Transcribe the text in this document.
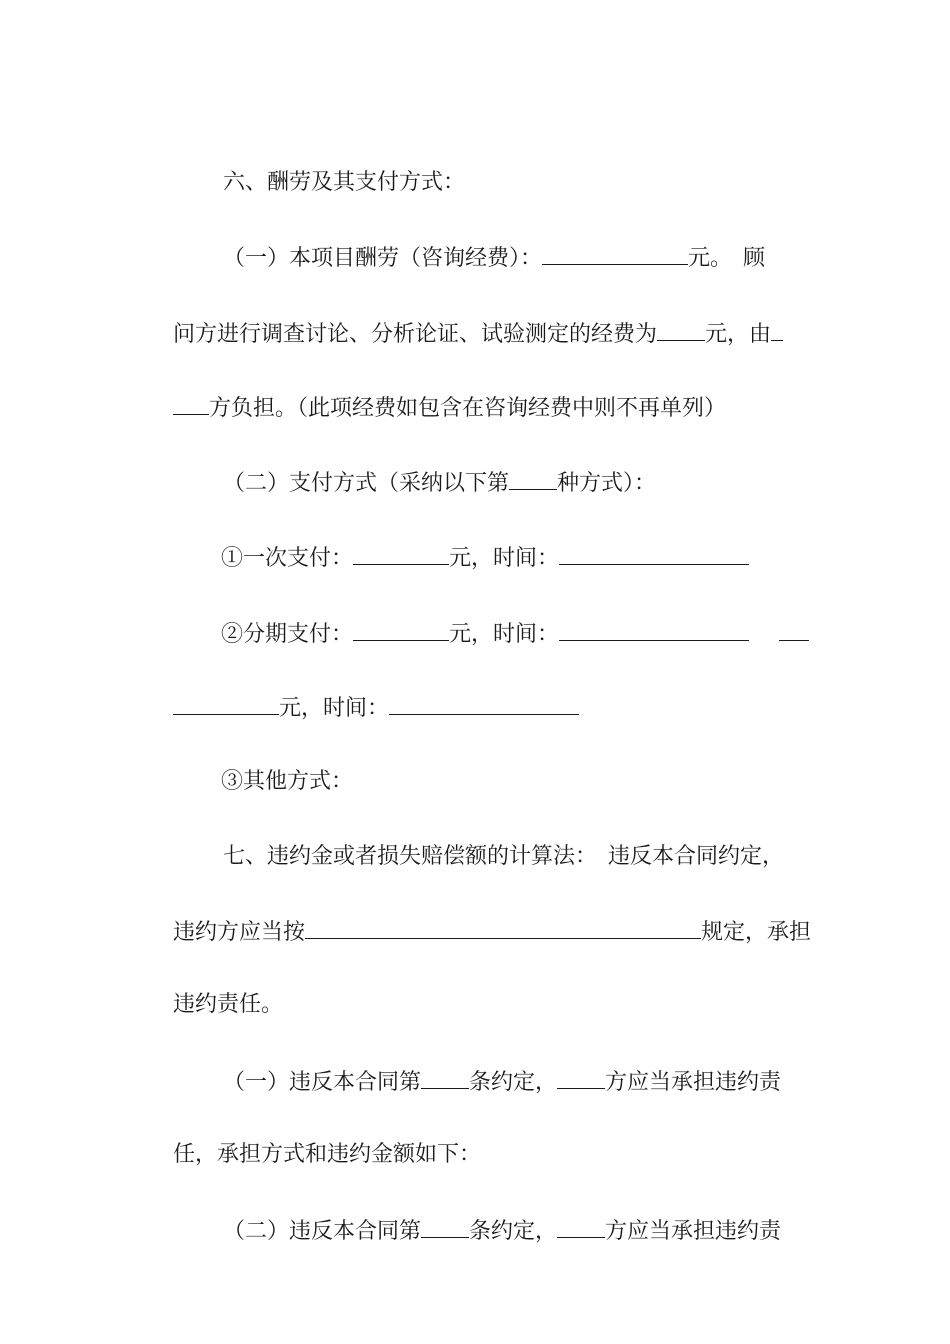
六、酬劳及其支付方式：

（一）本项目酬劳（咨询经费）：	元。　顾

问方进行调查讨论、分析论证、试验测定的经费为 元，由

方负担。（此项经费如包含在咨询经费中则不再单列）

（二）支付方式（采纳以下第 种方式）：

①一次支付：	元，时间：

②分期支付：	元，时间：

元，时间：

③其他方式：

七、违约金或者损失赔偿额的计算法：　违反本合同约定，

违约方应当按	规定，承担

违约责任。

（一）违反本合同第 条约定， 方应当承担违约责

任，承担方式和违约金额如下：

（二）违反本合同第 条约定， 方应当承担违约责
